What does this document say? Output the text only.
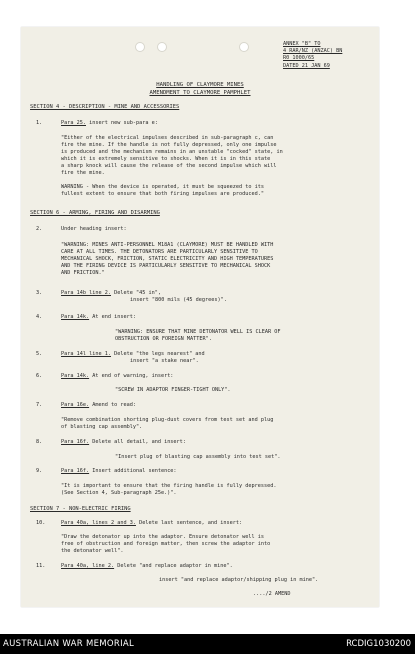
ANNEX "B" TO
4 RAR/NZ (ANZAC) BN
R0 1000/65
DATED 21 JAN 69
HANDLING OF CLAYMORE MINES
AMENDMENT TO CLAYMORE PAMPHLET
SECTION 4 - DESCRIPTION - MINE AND ACCESSORIES
1.	Para 25. insert new sub-para e:
"Either of the electrical impulses described in sub-paragraph c, can
fire the mine. If the handle is not fully depressed, only one impulse
is produced and the mechanism remains in an unstable "cocked" state, in
which it is extremely sensitive to shocks. When it is in this state
a sharp knock will cause the release of the second impulse which will
fire the mine.
WARNING - When the device is operated, it must be squeezed to its
fullest extent to ensure that both firing impulses are produced."
SECTION 6 - ARMING, FIRING AND DISARMING
2.	Under heading insert:
"WARNING: MINES ANTI-PERSONNEL M18A1 (CLAYMORE) MUST BE HANDLED WITH
CARE AT ALL TIMES. THE DETONATORS ARE PARTICULARLY SENSITIVE TO
MECHANICAL SHOCK, FRICTION, STATIC ELECTRICITY AND HIGH TEMPERATURES
AND THE FIRING DEVICE IS PARTICULARLY SENSITIVE TO MECHANICAL SHOCK
AND FRICTION."
3.	Para 14b line 2. Delete "45 in",
insert "800 mils (45 degrees)".
4.	Para 14k. At end insert:
"WARNING: ENSURE THAT MINE DETONATOR WELL IS CLEAR OF
OBSTRUCTION OR FOREIGN MATTER".
5.	Para 14l line 1. Delete "the legs nearest" and
insert "a stake near".
6.	Para 14k. At end of warning, insert:
"SCREW IN ADAPTOR FINGER-TIGHT ONLY".
7.	Para 16e. Amend to read:
"Remove combination shorting plug-dust covers from test set and plug
of blasting cap assembly".
8.	Para 16f. Delete all detail, and insert:
"Insert plug of blasting cap assembly into test set".
9.	Para 16f. Insert additional sentence:
"It is important to ensure that the firing handle is fully depressed.
(See Section 4, Sub-paragraph 25e.)".
SECTION 7 - NON-ELECTRIC FIRING
10.	Para 40a, lines 2 and 3. Delete last sentence, and insert:
"Draw the detonator up into the adaptor. Ensure detonator well is
free of obstruction and foreign matter, then screw the adaptor into
the detonator well".
11.	Para 40a, line 2. Delete "and replace adaptor in mine".
insert "and replace adaptor/shipping plug in mine".
..../2 AMEND
AUSTRALIAN WAR MEMORIAL	RCDIG1030200
